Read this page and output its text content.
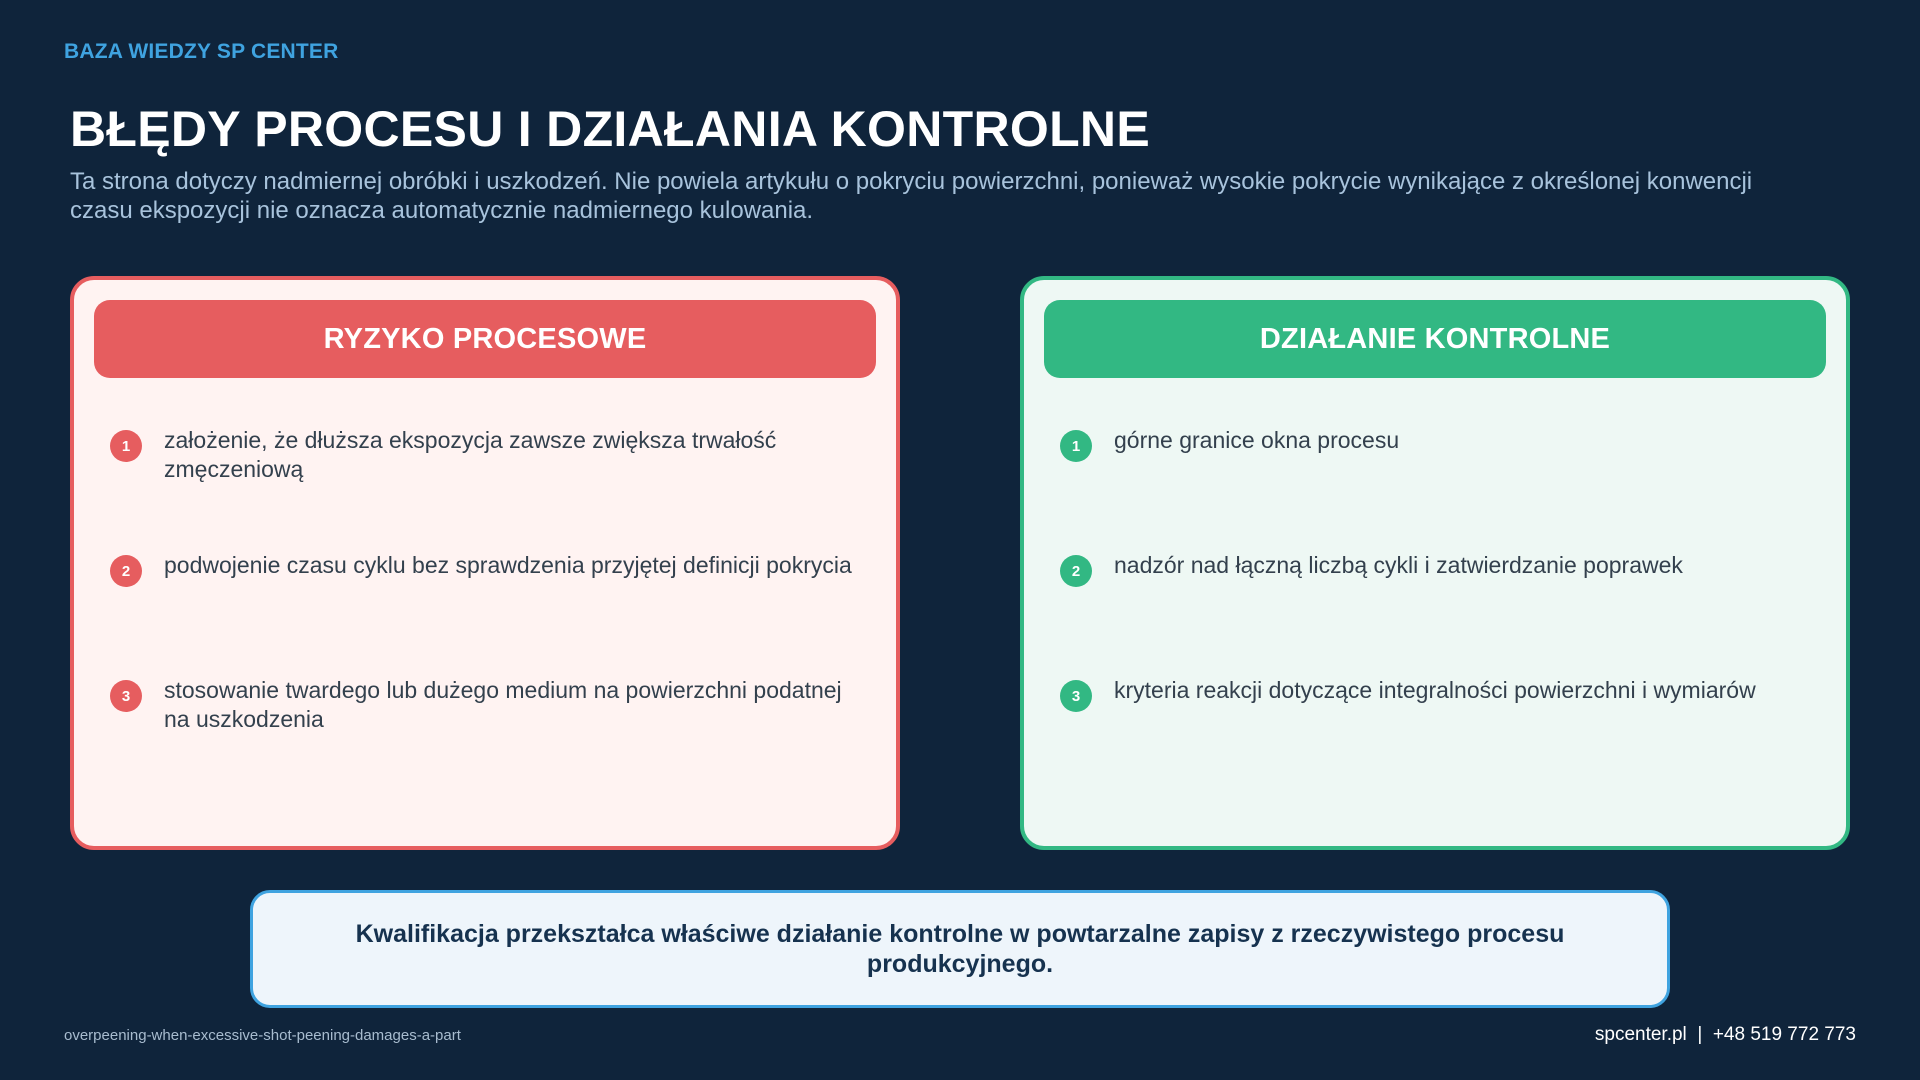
BAZA WIEDZY SP CENTER
BŁĘDY PROCESU I DZIAŁANIA KONTROLNE

Ta strona dotyczy nadmiernej obróbki i uszkodzeń. Nie powiela artykułu o pokryciu powierzchni, ponieważ wysokie pokrycie wynikające z określonej konwencji czasu ekspozycji nie oznacza automatycznie nadmiernego kulowania.

RYZYKO PROCESOWE
1	założenie, że dłuższa ekspozycja zawsze zwiększa trwałość zmęczeniową
2	podwojenie czasu cyklu bez sprawdzenia przyjętej definicji pokrycia
3	stosowanie twardego lub dużego medium na powierzchni podatnej na uszkodzenia
DZIAŁANIE KONTROLNE
1	górne granice okna procesu
2	nadzór nad łączną liczbą cykli i zatwierdzanie poprawek
3	kryteria reakcji dotyczące integralności powierzchni i wymiarów
Kwalifikacja przekształca właściwe działanie kontrolne w powtarzalne zapisy z rzeczywistego procesu produkcyjnego.
overpeening-when-excessive-shot-peening-damages-a-part	spcenter.pl  |  +48 519 772 773
